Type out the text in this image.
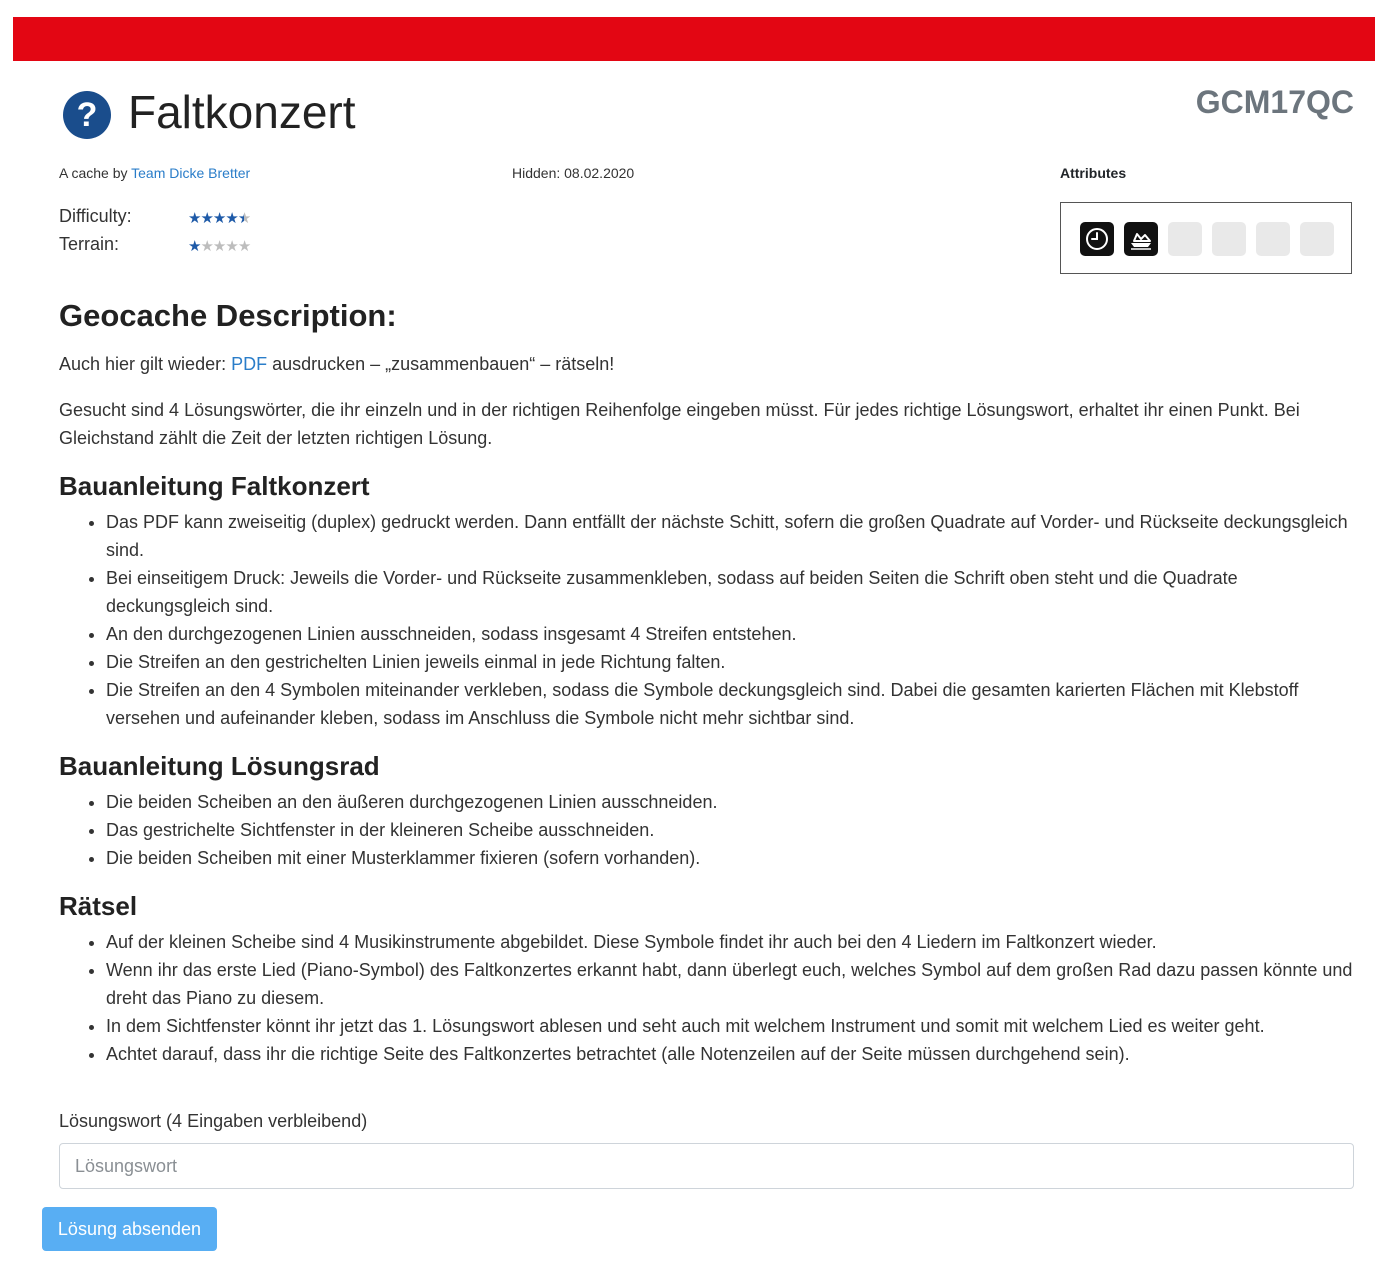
? Faltkonzert	GCM17QC
A cache by Team Dicke Bretter	Hidden: 08.02.2020	Attributes
Difficulty:	★★★★★
Terrain:	★★★★★
Geocache Description:

Auch hier gilt wieder: PDF ausdrucken – „zusammenbauen“ – rätseln!

Gesucht sind 4 Lösungswörter, die ihr einzeln und in der richtigen Reihenfolge eingeben müsst. Für jedes richtige Lösungswort, erhaltet ihr einen Punkt. Bei Gleichstand zählt die Zeit der letzten richtigen Lösung.

Bauanleitung Faltkonzert
• Das PDF kann zweiseitig (duplex) gedruckt werden. Dann entfällt der nächste Schitt, sofern die großen Quadrate auf Vorder- und Rückseite deckungsgleich sind.
• Bei einseitigem Druck: Jeweils die Vorder- und Rückseite zusammenkleben, sodass auf beiden Seiten die Schrift oben steht und die Quadrate deckungsgleich sind.
• An den durchgezogenen Linien ausschneiden, sodass insgesamt 4 Streifen entstehen.
• Die Streifen an den gestrichelten Linien jeweils einmal in jede Richtung falten.
• Die Streifen an den 4 Symbolen miteinander verkleben, sodass die Symbole deckungsgleich sind. Dabei die gesamten karierten Flächen mit Klebstoff versehen und aufeinander kleben, sodass im Anschluss die Symbole nicht mehr sichtbar sind.
Bauanleitung Lösungsrad
• Die beiden Scheiben an den äußeren durchgezogenen Linien ausschneiden.
• Das gestrichelte Sichtfenster in der kleineren Scheibe ausschneiden.
• Die beiden Scheiben mit einer Musterklammer fixieren (sofern vorhanden).
Rätsel
• Auf der kleinen Scheibe sind 4 Musikinstrumente abgebildet. Diese Symbole findet ihr auch bei den 4 Liedern im Faltkonzert wieder.
• Wenn ihr das erste Lied (Piano-Symbol) des Faltkonzertes erkannt habt, dann überlegt euch, welches Symbol auf dem großen Rad dazu passen könnte und dreht das Piano zu diesem.
• In dem Sichtfenster könnt ihr jetzt das 1. Lösungswort ablesen und seht auch mit welchem Instrument und somit mit welchem Lied es weiter geht.
• Achtet darauf, dass ihr die richtige Seite des Faltkonzertes betrachtet (alle Notenzeilen auf der Seite müssen durchgehend sein).
Lösungswort (4 Eingaben verbleibend)
Lösungswort
Lösung absenden
